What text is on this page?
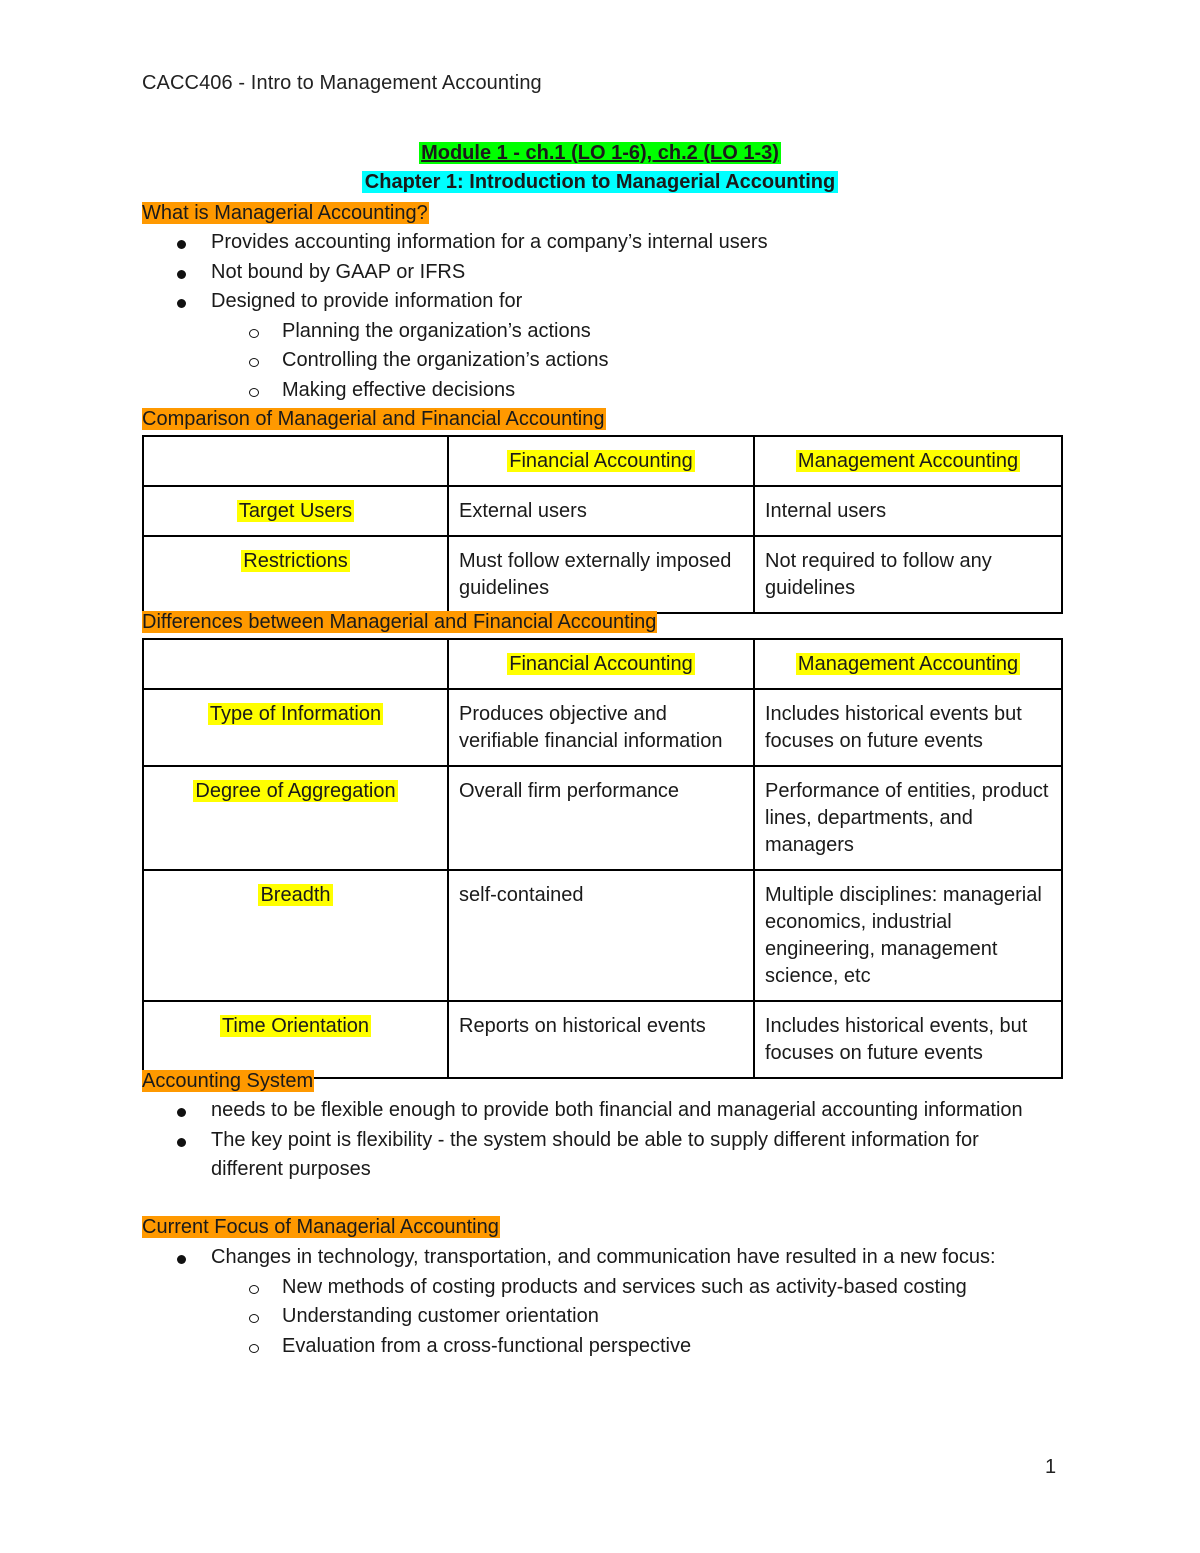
CACC406 - Intro to Management Accounting
Module 1 - ch.1 (LO 1-6), ch.2 (LO 1-3)
Chapter 1: Introduction to Managerial Accounting
What is Managerial Accounting?
Provides accounting information for a company’s internal users
Not bound by GAAP or IFRS
Designed to provide information for
Planning the organization’s actions
Controlling the organization’s actions
Making effective decisions
Comparison of Managerial and Financial Accounting
	Financial Accounting	Management Accounting
Target Users	External users	Internal users
Restrictions	Must follow externally imposed guidelines	Not required to follow any guidelines
Differences between Managerial and Financial Accounting
	Financial Accounting	Management Accounting
Type of Information	Produces objective and verifiable financial information	Includes historical events but focuses on future events
Degree of Aggregation	Overall firm performance	Performance of entities, product lines, departments, and managers
Breadth	self-contained	Multiple disciplines: managerial economics, industrial engineering, management science, etc
Time Orientation	Reports on historical events	Includes historical events, but focuses on future events
Accounting System
needs to be flexible enough to provide both financial and managerial accounting information
The key point is flexibility - the system should be able to supply different information for different purposes
Current Focus of Managerial Accounting
Changes in technology, transportation, and communication have resulted in a new focus:
New methods of costing products and services such as activity-based costing
Understanding customer orientation
Evaluation from a cross-functional perspective
1
